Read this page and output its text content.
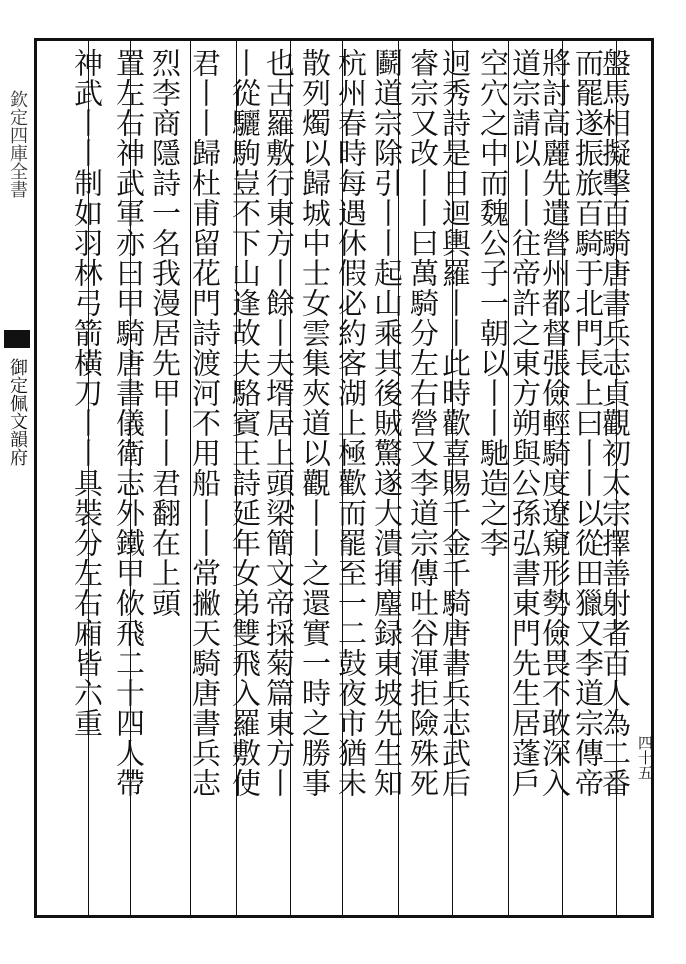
欽定四庫全書
御定佩文韻府	盤馬相擬擊百騎唐書兵志貞觀初太宗擇善射者百人為二番
而罷遂振旅百騎于北門長上曰丨丨以從田獵又李道宗傳帝
將討高麗先遣營州都督張儉輕騎度遼窺形勢儉畏不敢深入
道宗請以丨丨往帝許之東方朔與公孫弘書東門先生居蓬戶
空穴之中而魏公子一朝以丨丨馳造之李
迥秀詩是日迴輿羅丨丨此時歡喜賜千金千騎唐書兵志武后
睿宗又改丨丨曰萬騎分左右營又李道宗傳吐谷渾拒險殊死
鬬道宗除引丨丨起山乘其後賊驚遂大潰揮麈録東坡先生知
杭州春時每遇休假必約客湖上極歡而罷至一二鼓夜市猶未
散列燭以歸城中士女雲集夾道以觀丨丨之還實一時之勝事
也古羅敷行東方丨餘丨夫壻居上頭梁簡文帝採菊篇東方丨
丨從驪駒豈不下山逢故夫駱賓王詩延年女弟雙飛入羅敷使
君丨丨歸杜甫留花門詩渡河不用船丨丨常撇天騎唐書兵志
烈李商隱詩一名我漫居先甲丨丨君翻在上頭
置左右神武軍亦曰甲騎唐書儀衛志外鐵甲佽飛二十四人帶
神武丨丨制如羽林弓箭橫刀丨丨具裝分左右廂皆六重
四十五
